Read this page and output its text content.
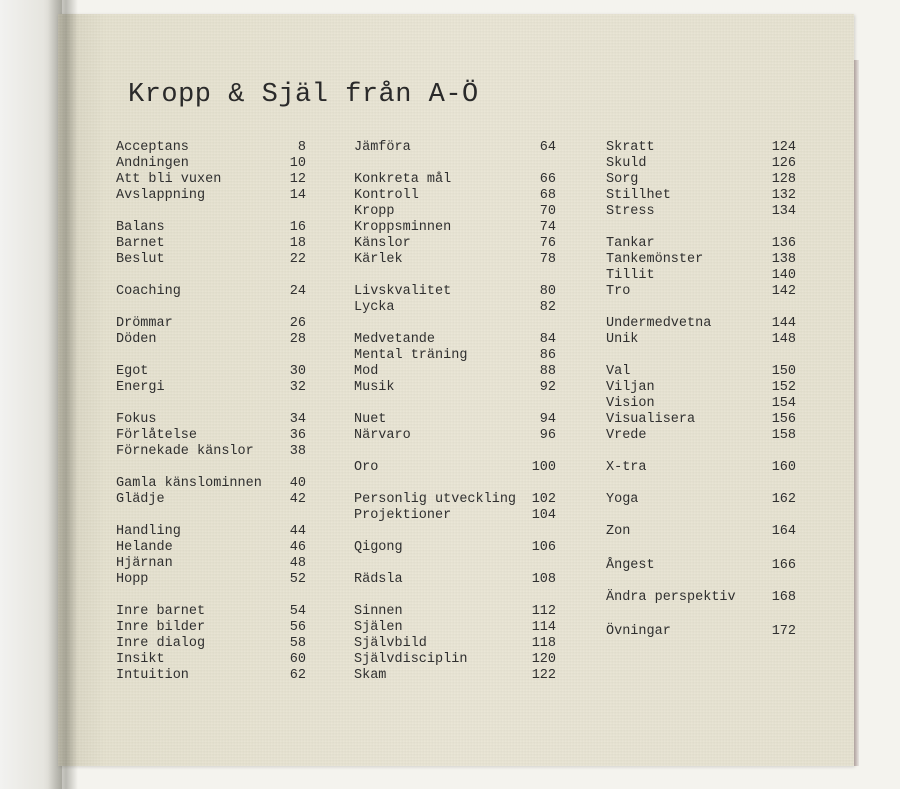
Kropp & Själ från A-Ö
Acceptans	8
Andningen	10
Att bli vuxen	12
Avslappning	14
Balans	16
Barnet	18
Beslut	22
Coaching	24
Drömmar	26
Döden	28
Egot	30
Energi	32
Fokus	34
Förlåtelse	36
Förnekade känslor	38
Gamla känslominnen 40
Glädje	42
Handling	44
Helande	46
Hjärnan	48
Hopp	52
Inre barnet	54
Inre bilder	56
Inre dialog	58
Insikt	60
Intuition	62
Jämföra	64
Konkreta mål	66
Kontroll	68
Kropp	70
Kroppsminnen	74
Känslor	76
Kärlek	78
Livskvalitet	80
Lycka	82
Medvetande	84
Mental träning	86
Mod	88
Musik	92
Nuet	94
Närvaro	96
Oro	100
Personlig utveckling 102
Projektioner	104
Qigong	106
Rädsla	108
Sinnen	112
Själen	114
Självbild	118
Självdisciplin	120
Skam	122
Skratt	124
Skuld	126
Sorg	128
Stillhet	132
Stress	134
Tankar	136
Tankemönster	138
Tillit	140
Tro	142
Undermedvetna	144
Unik	148
Val	150
Viljan	152
Vision	154
Visualisera	156
Vrede	158
X-tra	160
Yoga	162
Zon	164
Ångest	166
Ändra perspektiv	168
Övningar	172
